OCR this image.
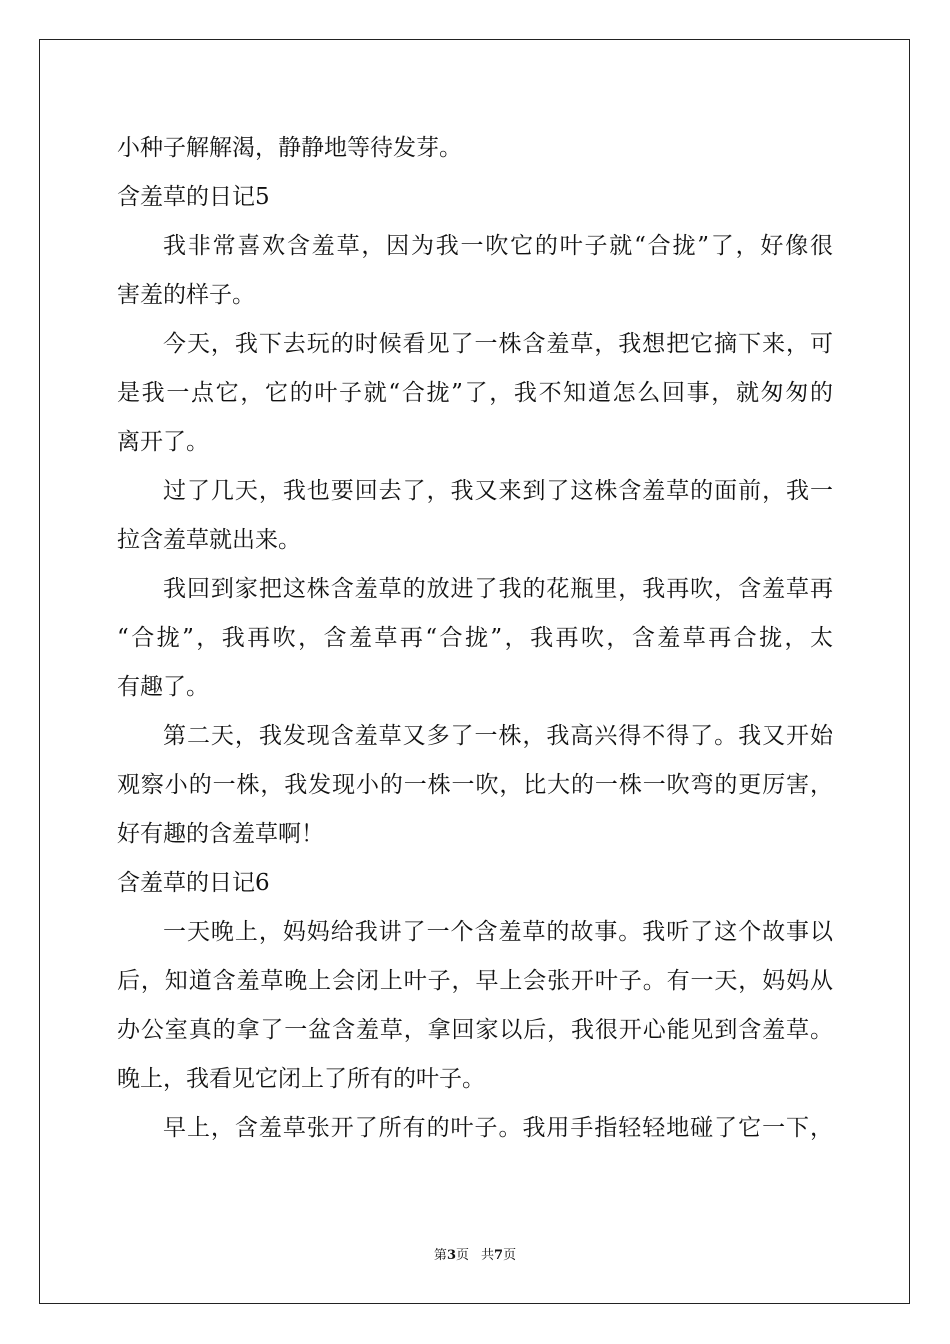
小种子解解渴，静静地等待发芽。
含羞草的日记5
我非常喜欢含羞草，因为我一吹它的叶子就“合拢”了，好像很
害羞的样子。
今天，我下去玩的时候看见了一株含羞草，我想把它摘下来，可
是我一点它，它的叶子就“合拢”了，我不知道怎么回事，就匆匆的
离开了。
过了几天，我也要回去了，我又来到了这株含羞草的面前，我一
拉含羞草就出来。
我回到家把这株含羞草的放进了我的花瓶里，我再吹，含羞草再
“合拢”，我再吹，含羞草再“合拢”，我再吹，含羞草再合拢，太
有趣了。
第二天，我发现含羞草又多了一株，我高兴得不得了。我又开始
观察小的一株，我发现小的一株一吹，比大的一株一吹弯的更厉害，
好有趣的含羞草啊！
含羞草的日记6
一天晚上，妈妈给我讲了一个含羞草的故事。我听了这个故事以
后，知道含羞草晚上会闭上叶子，早上会张开叶子。有一天，妈妈从
办公室真的拿了一盆含羞草，拿回家以后，我很开心能见到含羞草。
晚上，我看见它闭上了所有的叶子。
早上，含羞草张开了所有的叶子。我用手指轻轻地碰了它一下，
第3页 共7页
